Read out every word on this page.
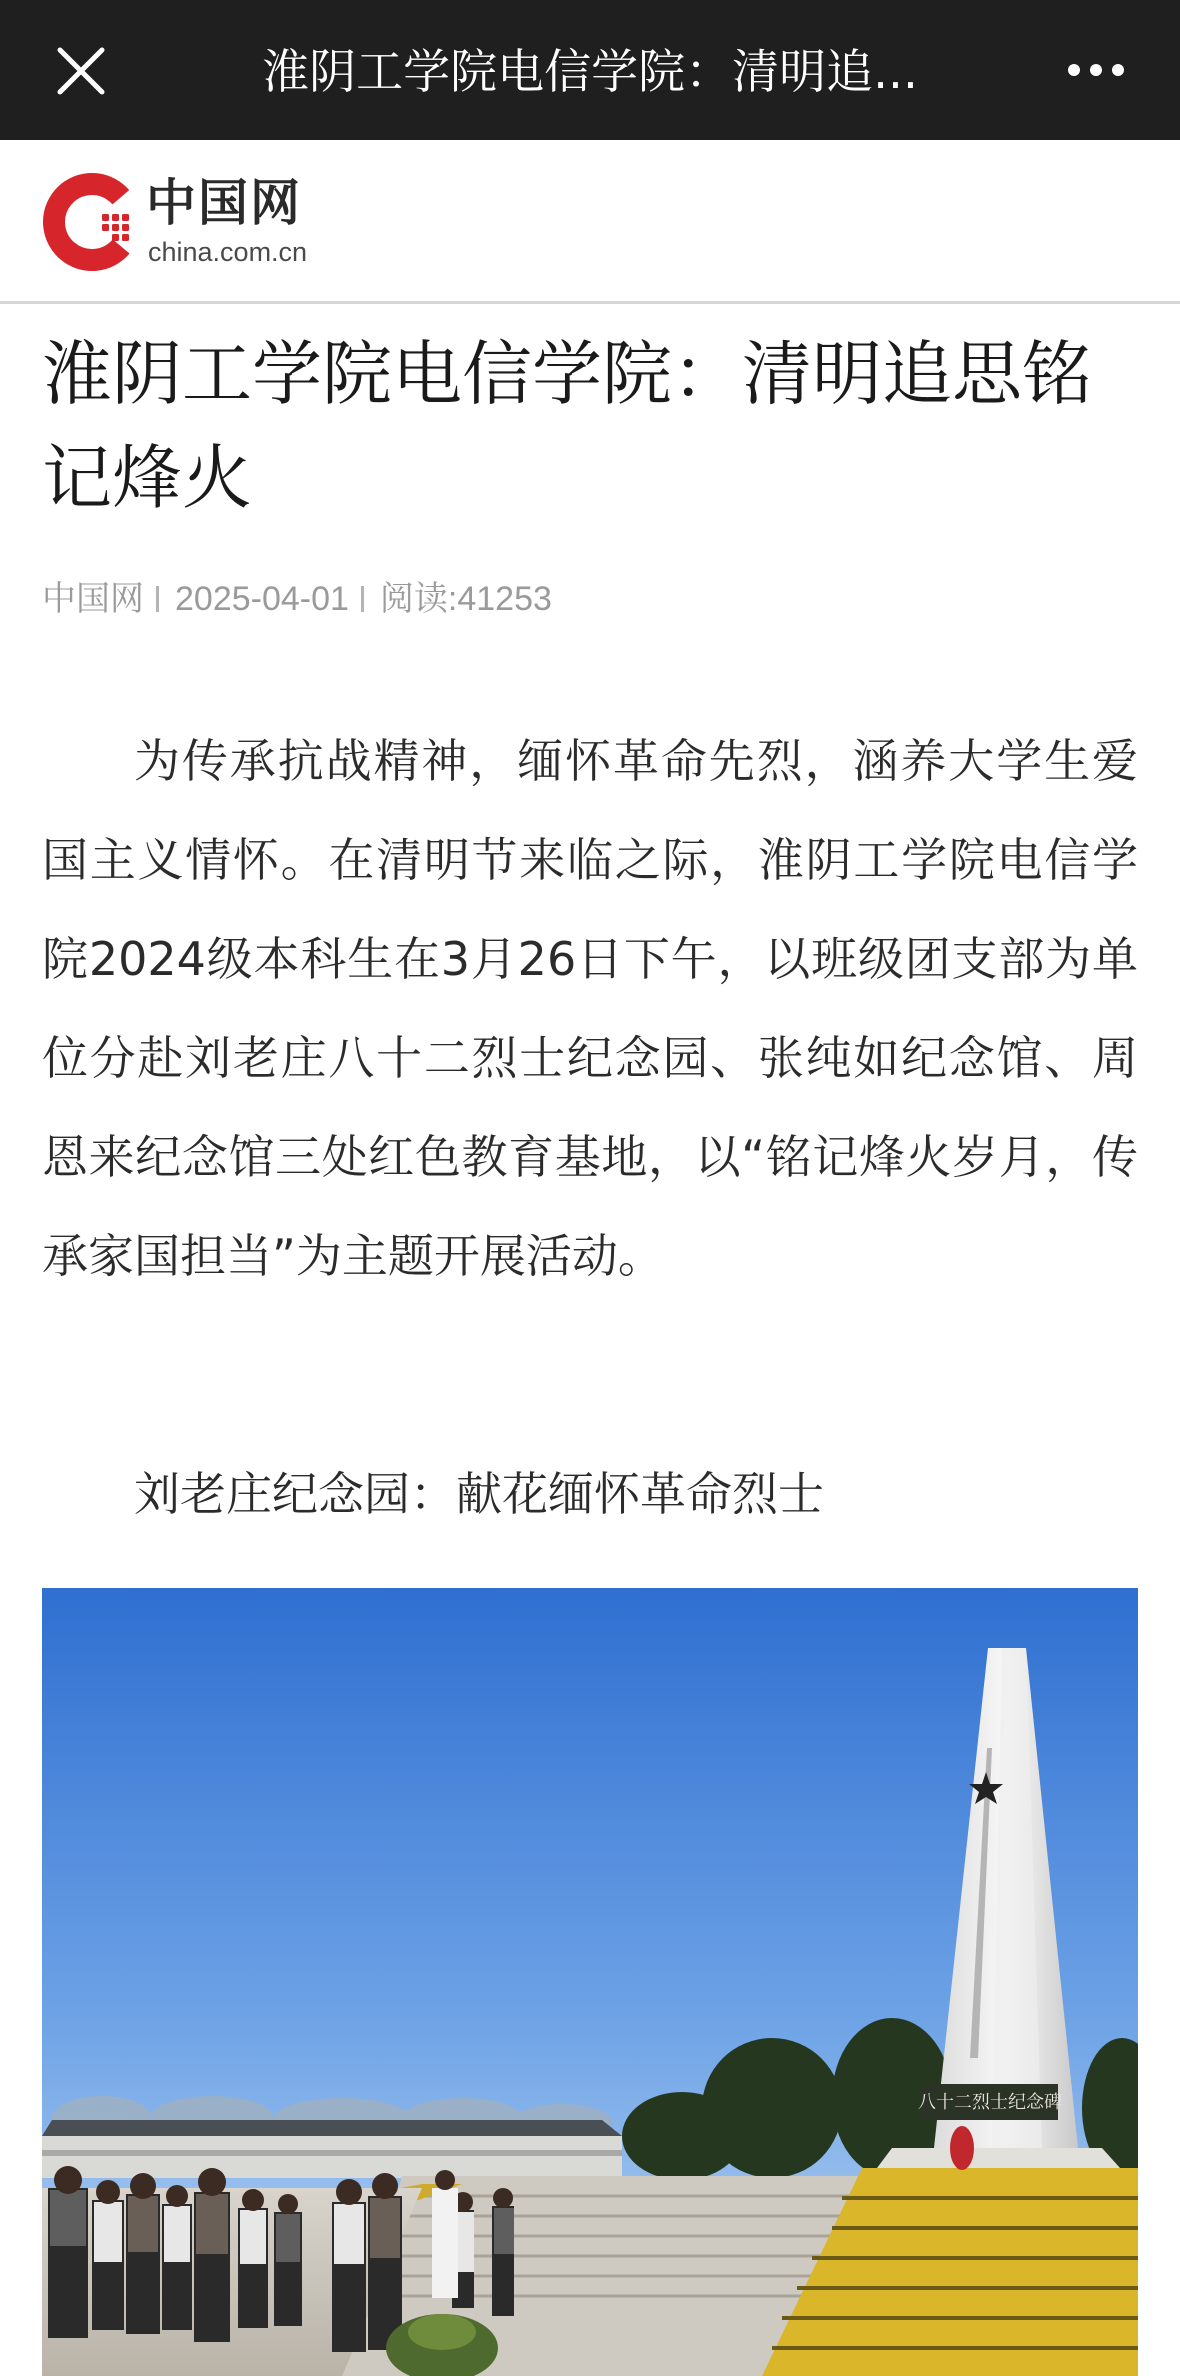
淮阴工学院电信学院：清明追...
中国网
china.com.cn
淮阴工学院电信学院：清明追思铭记烽火
中国网 2025-04-01 阅读:41253

为传承抗战精神，缅怀革命先烈，涵养大学生爱国主义情怀。在清明节来临之际，淮阴工学院电信学院2024级本科生在3月26日下午，以班级团支部为单位分赴刘老庄八十二烈士纪念园、张纯如纪念馆、周恩来纪念馆三处红色教育基地，以“铭记烽火岁月，传承家国担当”为主题开展活动。

刘老庄纪念园：献花缅怀革命烈士

八十二烈士纪念碑
